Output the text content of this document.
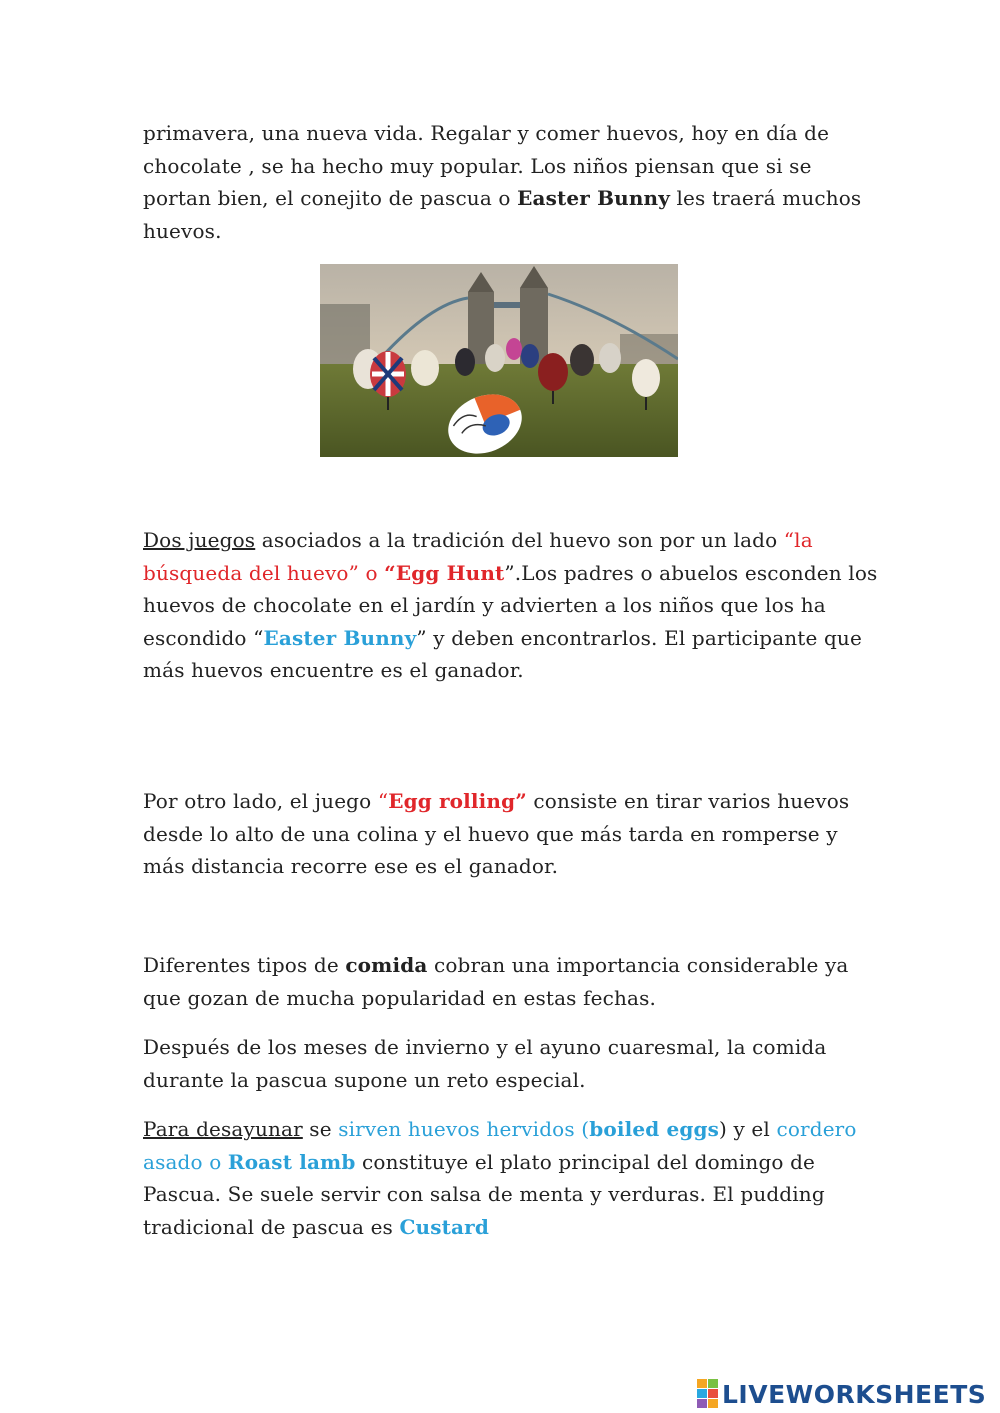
primavera, una nueva vida. Regalar y comer huevos, hoy en día de chocolate , se ha hecho muy popular. Los niños piensan que si se portan bien, el conejito de pascua o Easter Bunny les traerá muchos huevos.

Dos juegos asociados a la tradición del huevo son por un lado “la búsqueda del huevo” o “Egg Hunt”.Los padres o abuelos esconden los huevos de chocolate en el jardín y advierten a los niños que los ha escondido “Easter Bunny” y deben encontrarlos. El participante que más huevos encuentre es el ganador.

Por otro lado, el juego “Egg rolling” consiste en tirar varios huevos desde lo alto de una colina y el huevo que más tarda en romperse y más distancia recorre ese es el ganador.

Diferentes tipos de comida cobran una importancia considerable ya que gozan de mucha popularidad en estas fechas.

Después de los meses de invierno y el ayuno cuaresmal, la comida durante la pascua supone un reto especial.

Para desayunar se sirven huevos hervidos (boiled eggs) y el cordero asado o Roast lamb constituye el plato principal del domingo de Pascua. Se suele servir con salsa de menta y verduras. El pudding tradicional de pascua es Custard

LIVEWORKSHEETS
